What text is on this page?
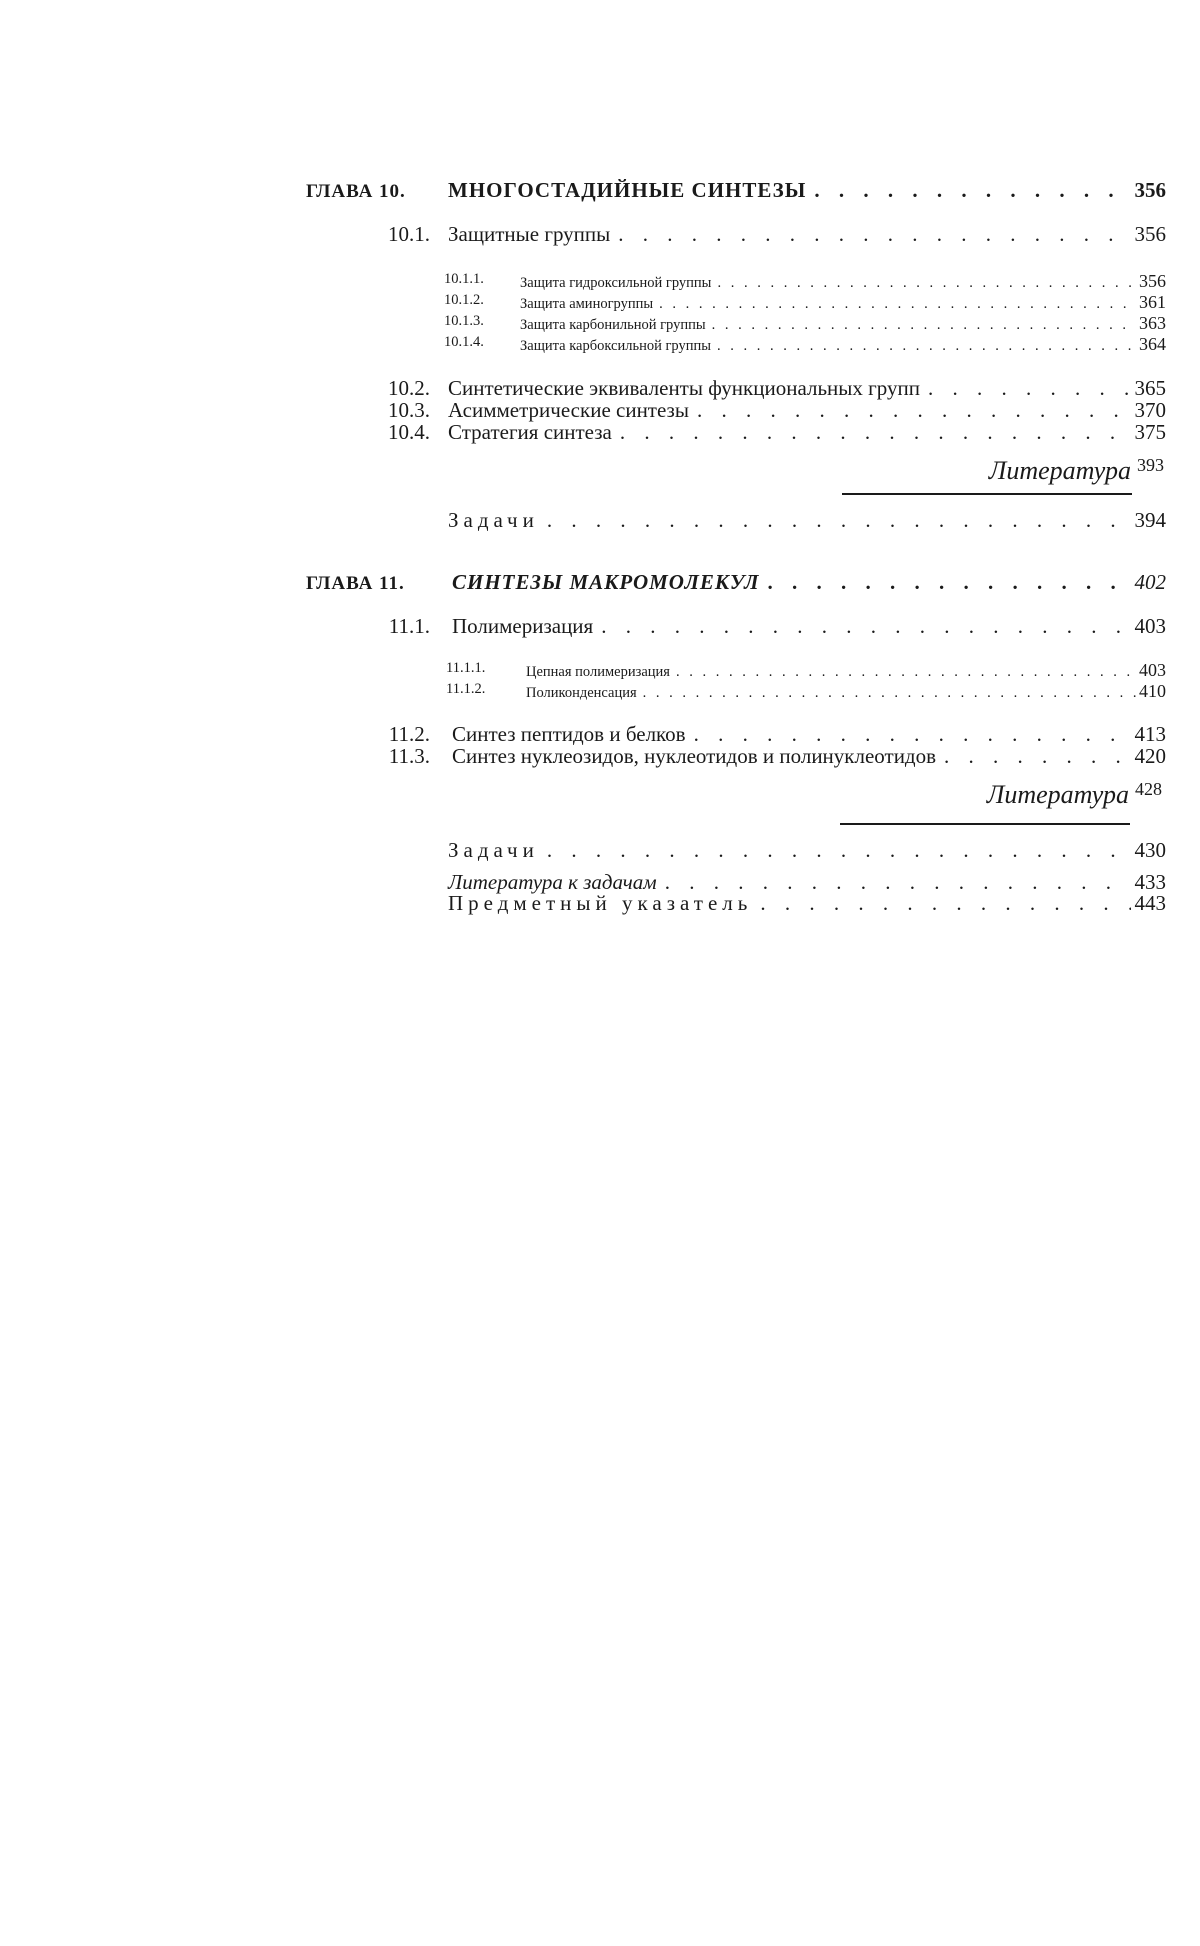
ГЛАВА 10. МНОГОСТАДИЙНЫЕ СИНТЕЗЫ . . .	356
10.1. Защитные группы . . .	356
10.1.1. Защита гидроксильной группы . . .	356
10.1.2. Защита аминогруппы . . .	361
10.1.3. Защита карбонильной группы . . .	363
10.1.4. Защита карбоксильной группы . . .	364
10.2. Синтетические эквиваленты функциональных групп . . .	365
10.3. Асимметрические синтезы . . .	370
10.4. Стратегия синтеза . . .	375
Литература 393
Задачи . . .	394
ГЛАВА 11. СИНТЕЗЫ МАКРОМОЛЕКУЛ . . .	402
11.1. Полимеризация . . .	403
11.1.1.	Цепная полимеризация . . .	403
11.1.2.	Поликонденсация . . .	410
11.2. Синтез пептидов и белков . . .	413
11.3. Синтез нуклеозидов, нуклеотидов и полинуклеотидов . . .	420
Литература 428
Задачи . . .	430
Литература к задачам . . .	433
Предметный указатель . . .	443
